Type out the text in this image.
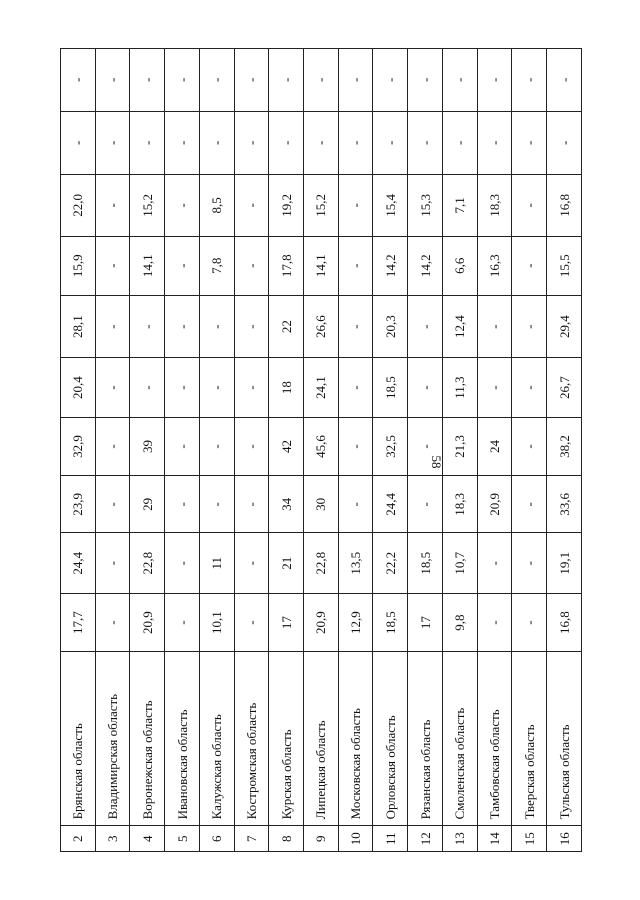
58
2	Брянская область	17,7	24,4	23,9	32,9	20,4	28,1	15,9	22,0	-	-
3	Владимирская область	-	-	-	-	-	-	-	-	-	-
4	Воронежская область	20,9	22,8	29	39	-	-	14,1	15,2	-	-
5	Ивановская область	-	-	-	-	-	-	-	-	-	-
6	Калужская область	10,1	11	-	-	-	-	7,8	8,5	-	-
7	Костромская область	-	-	-	-	-	-	-	-	-	-
8	Курская область	17	21	34	42	18	22	17,8	19,2	-	-
9	Липецкая область	20,9	22,8	30	45,6	24,1	26,6	14,1	15,2	-	-
10	Московская область	12,9	13,5	-	-	-	-	-	-	-	-
11	Орловская область	18,5	22,2	24,4	32,5	18,5	20,3	14,2	15,4	-	-
12	Рязанская область	17	18,5	-	-	-	-	14,2	15,3	-	-
13	Смоленская область	9,8	10,7	18,3	21,3	11,3	12,4	6,6	7,1	-	-
14	Тамбовская область	-	-	20,9	24	-	-	16,3	18,3	-	-
15	Тверская область	-	-	-	-	-	-	-	-	-	-
16	Тульская область	16,8	19,1	33,6	38,2	26,7	29,4	15,5	16,8	-	-
